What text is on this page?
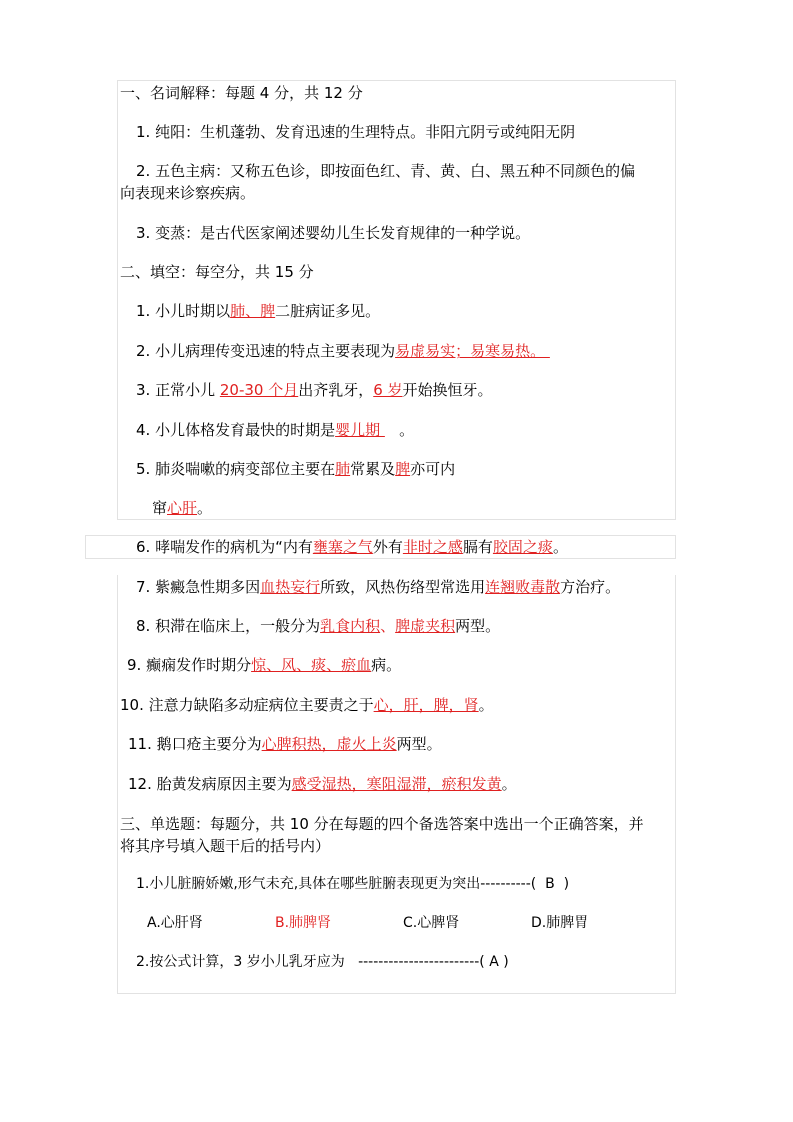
一、名词解释：每题 4 分，共 12 分
1. 纯阳：生机蓬勃、发育迅速的生理特点。非阳亢阴亏或纯阳无阴
2. 五色主病：又称五色诊，即按面色红、青、黄、白、黑五种不同颜色的偏
向表现来诊察疾病。
3. 变蒸：是古代医家阐述婴幼儿生长发育规律的一种学说。
二、填空：每空分，共 15 分
1. 小儿时期以肺、脾二脏病证多见。
2. 小儿病理传变迅速的特点主要表现为易虚易实；易寒易热。
3. 正常小儿 20-30 个月出齐乳牙，6 岁开始换恒牙。
4. 小儿体格发育最快的时期是婴儿期    。
5. 肺炎喘嗽的病变部位主要在肺常累及脾亦可内
窜心肝。
6. 哮喘发作的病机为“内有壅塞之气外有非时之感膈有胶固之痰。
7. 紫癜急性期多因血热妄行所致，风热伤络型常选用连翘败毒散方治疗。
8. 积滞在临床上，一般分为乳食内积、脾虚夹积两型。
9. 癫痫发作时期分惊、风、痰、瘀血病。
10. 注意力缺陷多动症病位主要责之于心，肝，脾，肾。
11. 鹅口疮主要分为心脾积热，虚火上炎两型。
12. 胎黄发病原因主要为感受湿热，寒阻湿滞，瘀积发黄。
三、单选题：每题分，共 10 分在每题的四个备选答案中选出一个正确答案，并
将其序号填入题干后的括号内）
1.小儿脏腑娇嫩,形气未充,具体在哪些脏腑表现更为突出----------(  B  )
A.心肝肾	B.肺脾肾	C.心脾肾	D.肺脾胃
2.按公式计算，3 岁小儿乳牙应为   ------------------------( A )
